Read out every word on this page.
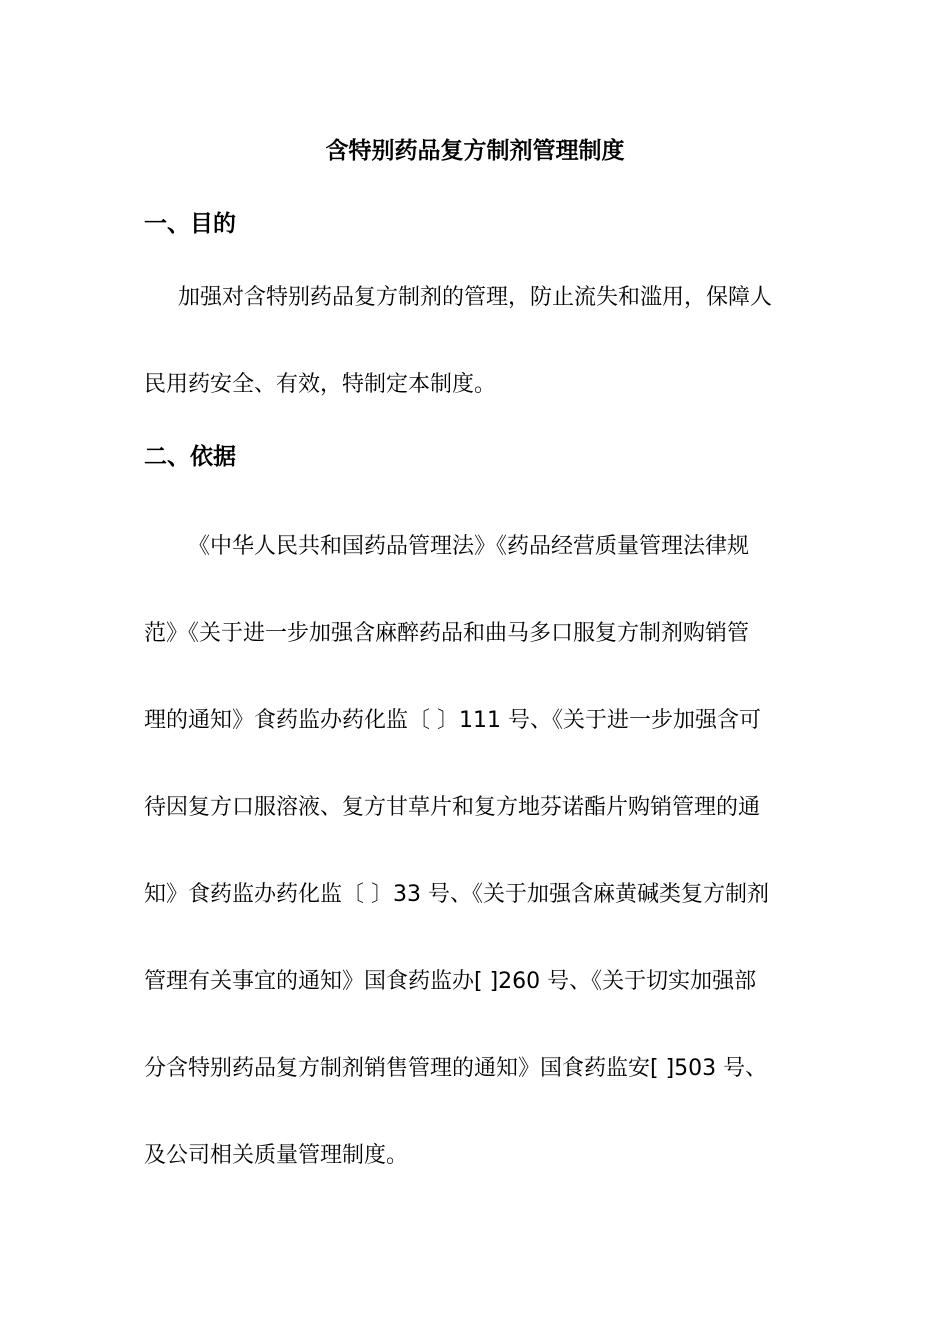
含特别药品复方制剂管理制度
一、目的
加强对含特别药品复方制剂的管理，防止流失和滥用，保障人
民用药安全、有效，特制定本制度。
二、依据
《中华人民共和国药品管理法》《药品经营质量管理法律规
范》《关于进一步加强含麻醉药品和曲马多口服复方制剂购销管
理的通知》食药监办药化监〔 〕111 号、《关于进一步加强含可
待因复方口服溶液、复方甘草片和复方地芬诺酯片购销管理的通
知》食药监办药化监〔 〕33 号、《关于加强含麻黄碱类复方制剂
管理有关事宜的通知》国食药监办[ ]260 号、《关于切实加强部
分含特别药品复方制剂销售管理的通知》国食药监安[ ]503 号、
及公司相关质量管理制度。
